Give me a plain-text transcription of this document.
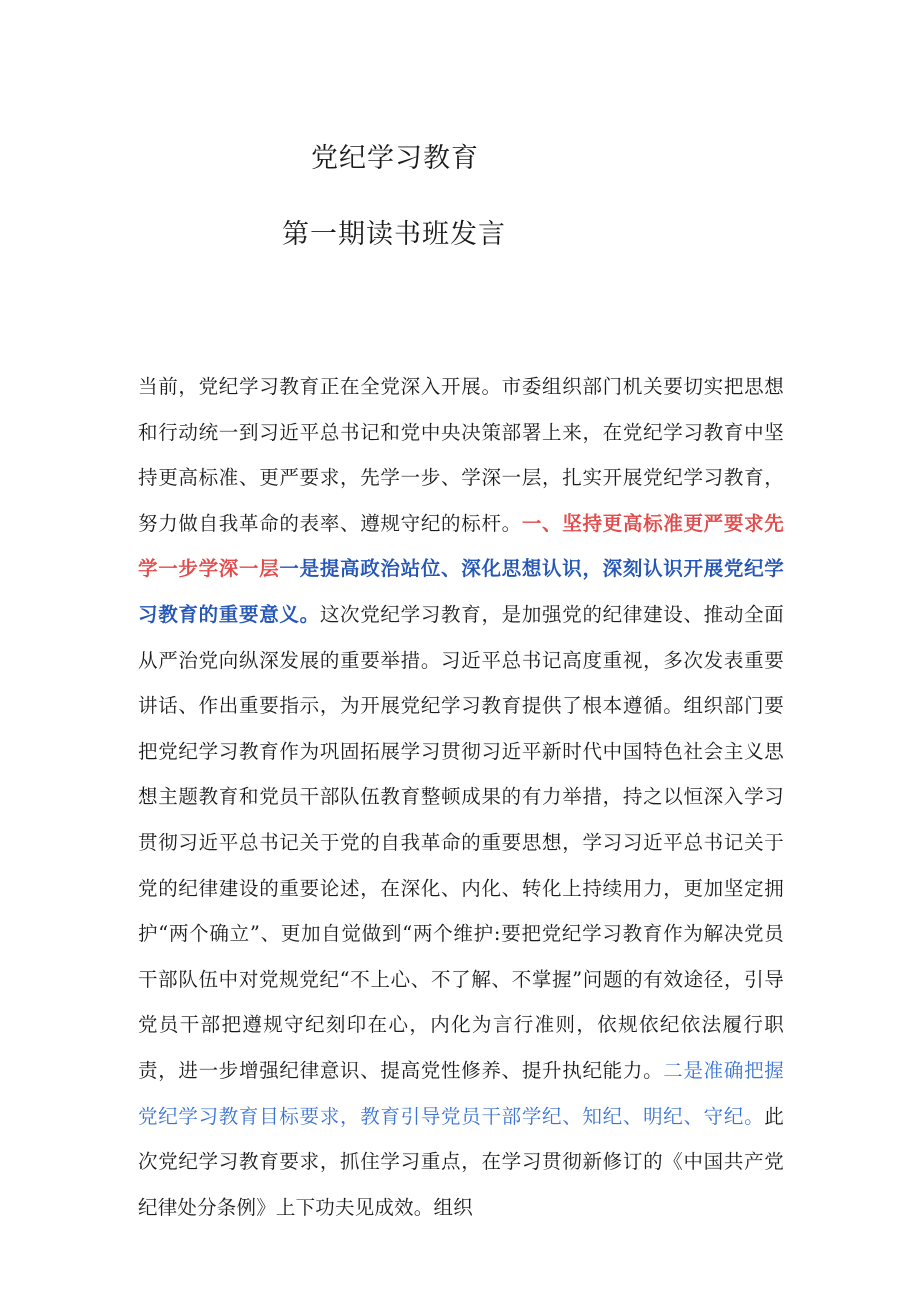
党纪学习教育
第一期读书班发言
当前，党纪学习教育正在全党深入开展。市委组织部门机关要切实把思想和行动统一到习近平总书记和党中央决策部署上来，在党纪学习教育中坚持更高标准、更严要求，先学一步、学深一层，扎实开展党纪学习教育，努力做自我革命的表率、遵规守纪的标杆。一、坚持更高标准更严要求先学一步学深一层一是提高政治站位、深化思想认识，深刻认识开展党纪学习教育的重要意义。这次党纪学习教育，是加强党的纪律建设、推动全面从严治党向纵深发展的重要举措。习近平总书记高度重视，多次发表重要讲话、作出重要指示，为开展党纪学习教育提供了根本遵循。组织部门要把党纪学习教育作为巩固拓展学习贯彻习近平新时代中国特色社会主义思想主题教育和党员干部队伍教育整顿成果的有力举措，持之以恒深入学习贯彻习近平总书记关于党的自我革命的重要思想，学习习近平总书记关于党的纪律建设的重要论述，在深化、内化、转化上持续用力，更加坚定拥护“两个确立”、更加自觉做到“两个维护:要把党纪学习教育作为解决党员干部队伍中对党规党纪“不上心、不了解、不掌握”问题的有效途径，引导党员干部把遵规守纪刻印在心，内化为言行准则，依规依纪依法履行职责，进一步增强纪律意识、提高党性修养、提升执纪能力。二是准确把握党纪学习教育目标要求，教育引导党员干部学纪、知纪、明纪、守纪。此次党纪学习教育要求，抓住学习重点，在学习贯彻新修订的《中国共产党纪律处分条例》上下功夫见成效。组织
